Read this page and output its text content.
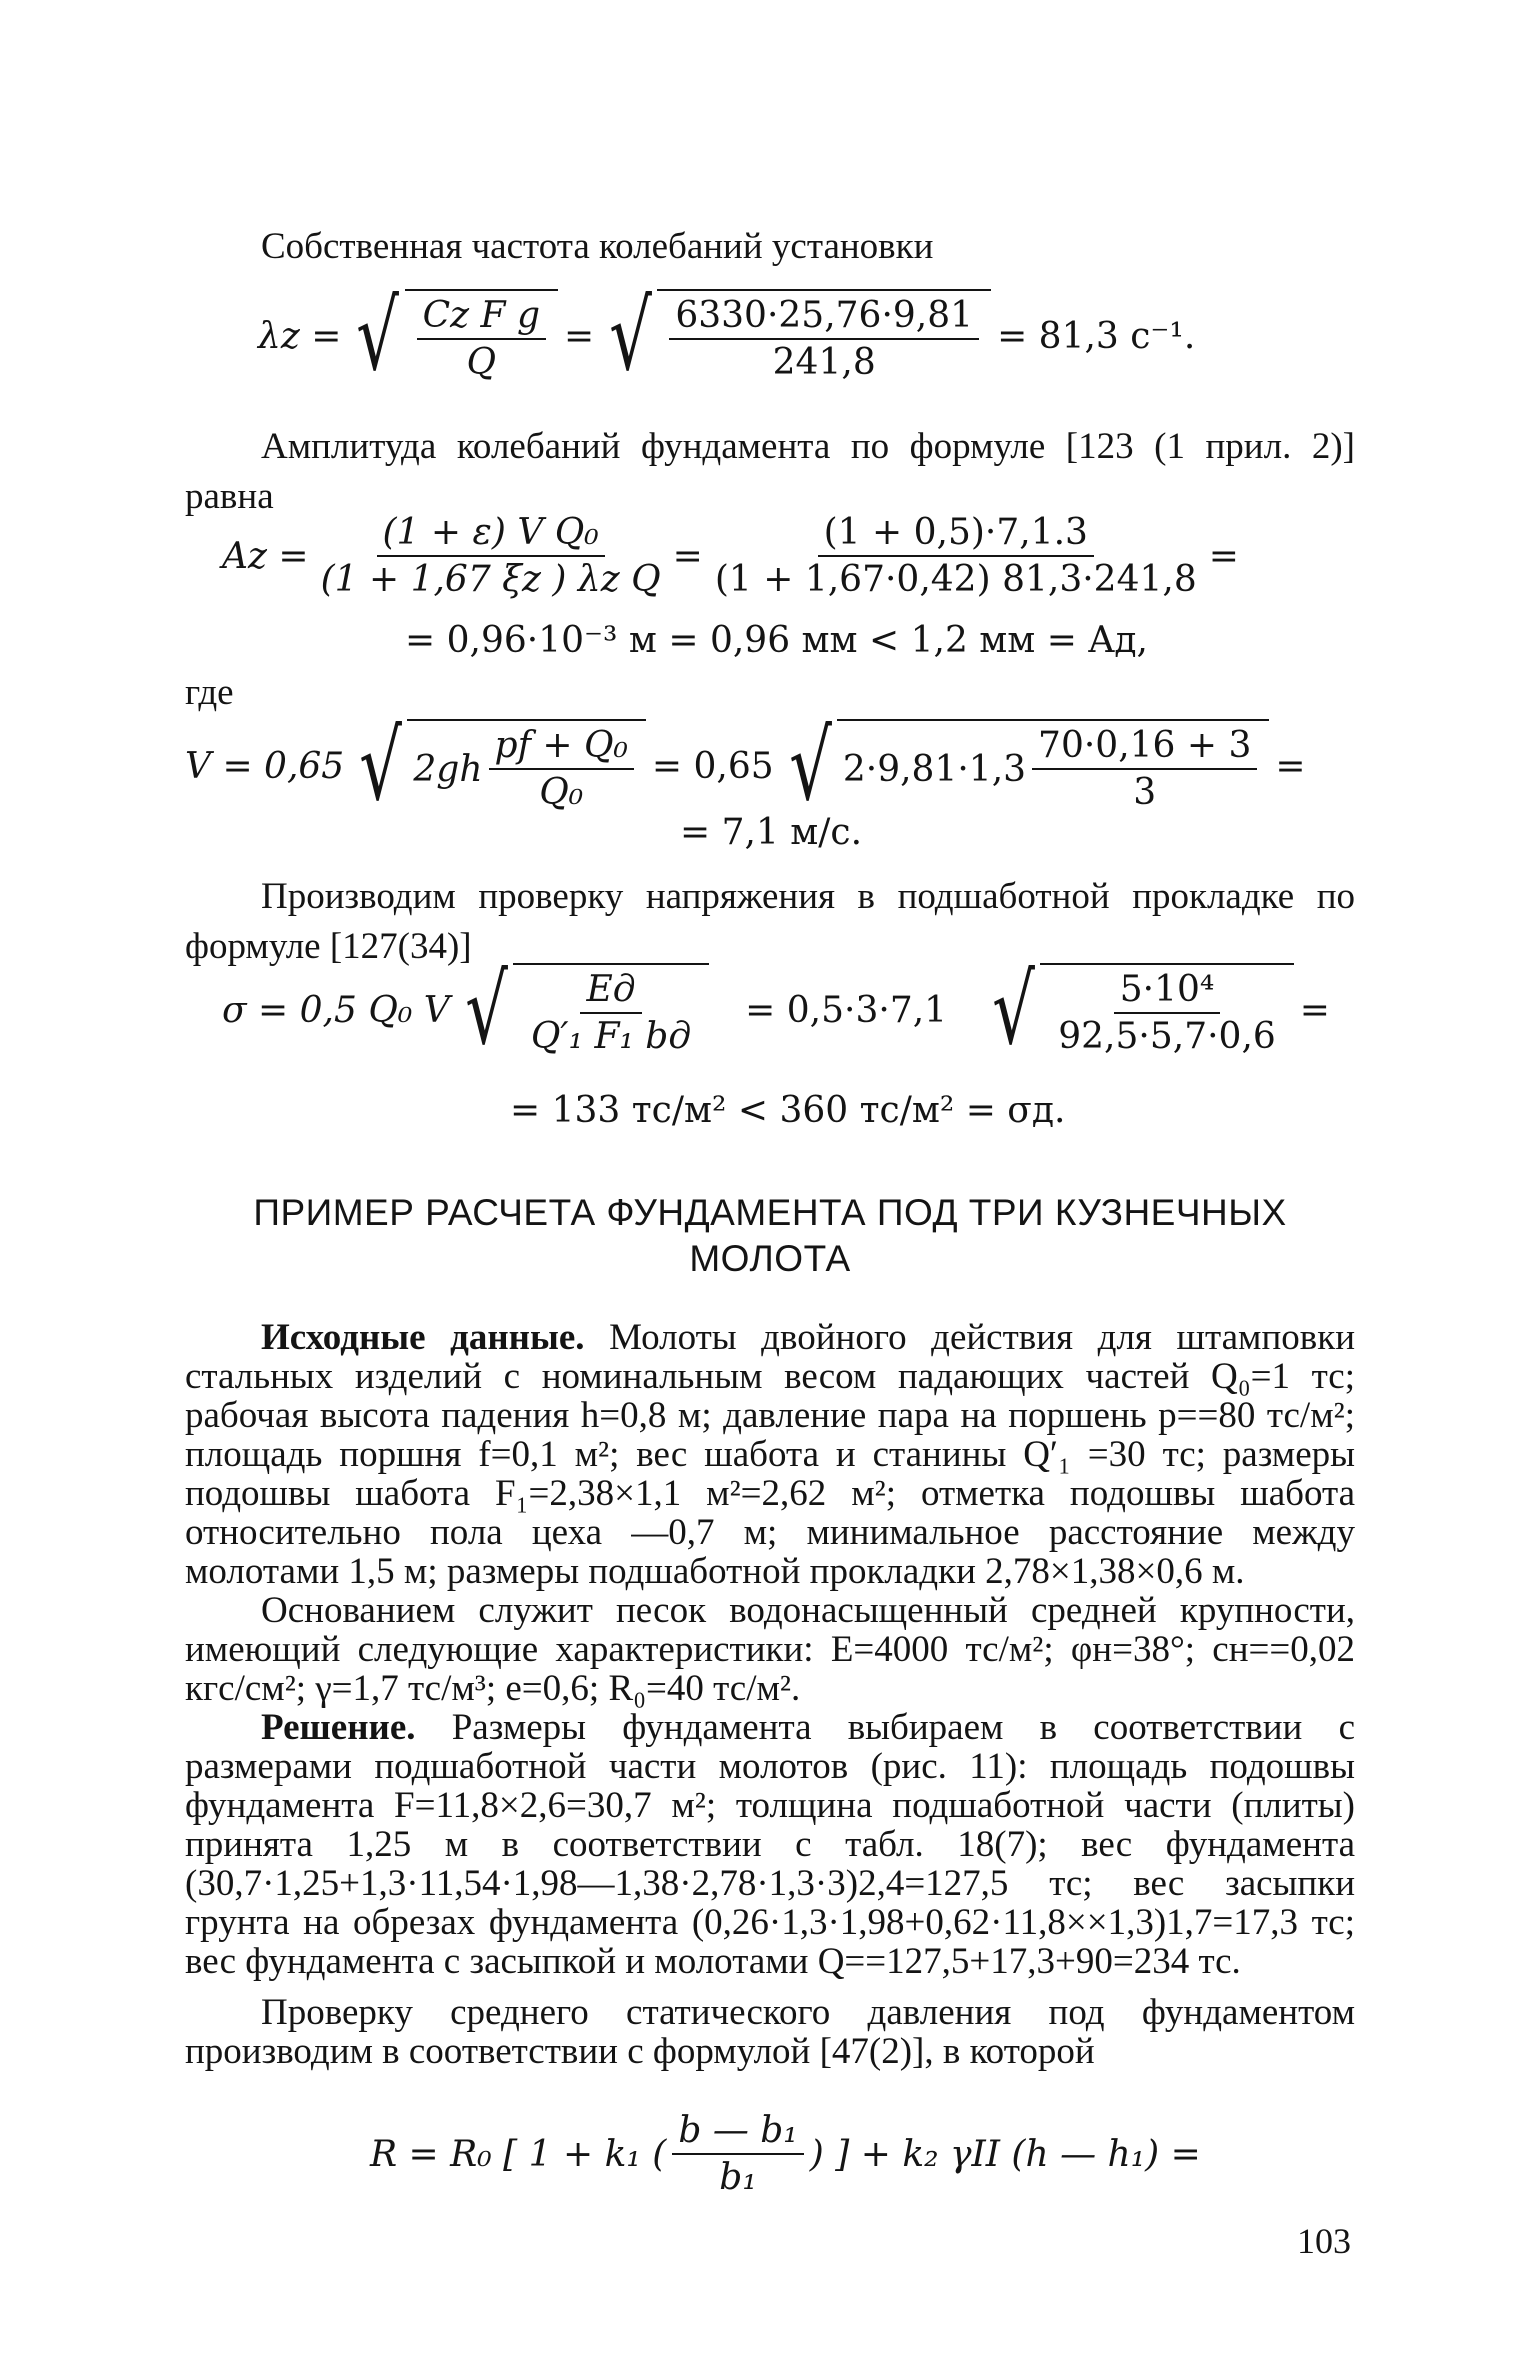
Собственная частота колебаний установки

λz = √ $\frac{\text{Cz F g}}{Q}$ = √ $\frac{6330\cdot 25,76\cdot 9,81}{241,8} = 81,3$ с⁻¹.

Амплитуда колебаний фундамента по формуле [123 (1 прил. 2)] равна

$Az = \frac{\text{(1 + ε) V Q₀}}{\text{(1 + 1,67 ξz ) λz Q}} = \frac{(1 + 0,5)\cdot 7,1.3}{(1 + 1,67\cdot 0,42) 81,3\cdot 241,8}$ =
= 0,96·10⁻³ м = 0,96 мм < 1,2 мм = Aд,

где

V = 0,65 √ $2gh \frac{\text{pf + Q₀}}{\text{Q₀}} = 0,65$ √ $2\cdot 9,81\cdot 1,3 \frac{70\cdot 0,16 + 3}{3}$ =
= 7,1 м/с.

Производим проверку напряжения в подшаботной прокладке по формуле [127(34)]

σ = 0,5 Q₀ V √ $\frac{Eд}{\text{Q′₁ F₁ bд}} = 0,5\cdot 3\cdot 7,1$ √ $\frac{\text{5·10⁴}}{92,5\cdot 5,7\cdot 0,6}$ =
= 133 тс/м² < 360 тс/м² = σд.
ПРИМЕР РАСЧЕТА ФУНДАМЕНТА ПОД ТРИ КУЗНЕЧНЫХ
МОЛОТА

Исходные данные. Молоты двойного действия для штамповки стальных изделий с номинальным весом падающих частей Q₀=1 тс; рабочая высота падения h=0,8 м; давление пара на поршень p==80 тс/м²; площадь поршня f=0,1 м²; вес шабота и станины Q′₁ =30 тс; размеры подошвы шабота F₁=2,38×1,1 м²=2,62 м²; отметка подошвы шабота относительно пола цеха —0,7 м; минимальное расстояние между молотами 1,5 м; размеры подшаботной прокладки 2,78×1,38×0,6 м.

Основанием служит песок водонасыщенный средней крупности, имеющий следующие характеристики: E=4000 тс/м²; φн=38°; cн==0,02 кгс/см²; γ=1,7 тс/м³; e=0,6; R₀=40 тс/м².

Решение. Размеры фундамента выбираем в соответствии с размерами подшаботной части молотов (рис. 11): площадь подошвы фундамента F=11,8×2,6=30,7 м²; толщина подшаботной части (плиты) принята 1,25 м в соответствии с табл. 18(7); вес фундамента (30,7·1,25+1,3·11,54·1,98—1,38·2,78·1,3·3)2,4=127,5 тс; вес засыпки грунта на обрезах фундамента (0,26·1,3·1,98+0,62·11,8××1,3)1,7=17,3 тс; вес фундамента с засыпкой и молотами Q==127,5+17,3+90=234 тс.

Проверку среднего статического давления под фундаментом производим в соответствии с формулой [47(2)], в которой

R = R₀ [ 1 + k₁ ( $\frac{\text{b — b₁}}{\text{b₁}}$ ) ] + k₂ γII (h — h₁) =
103
